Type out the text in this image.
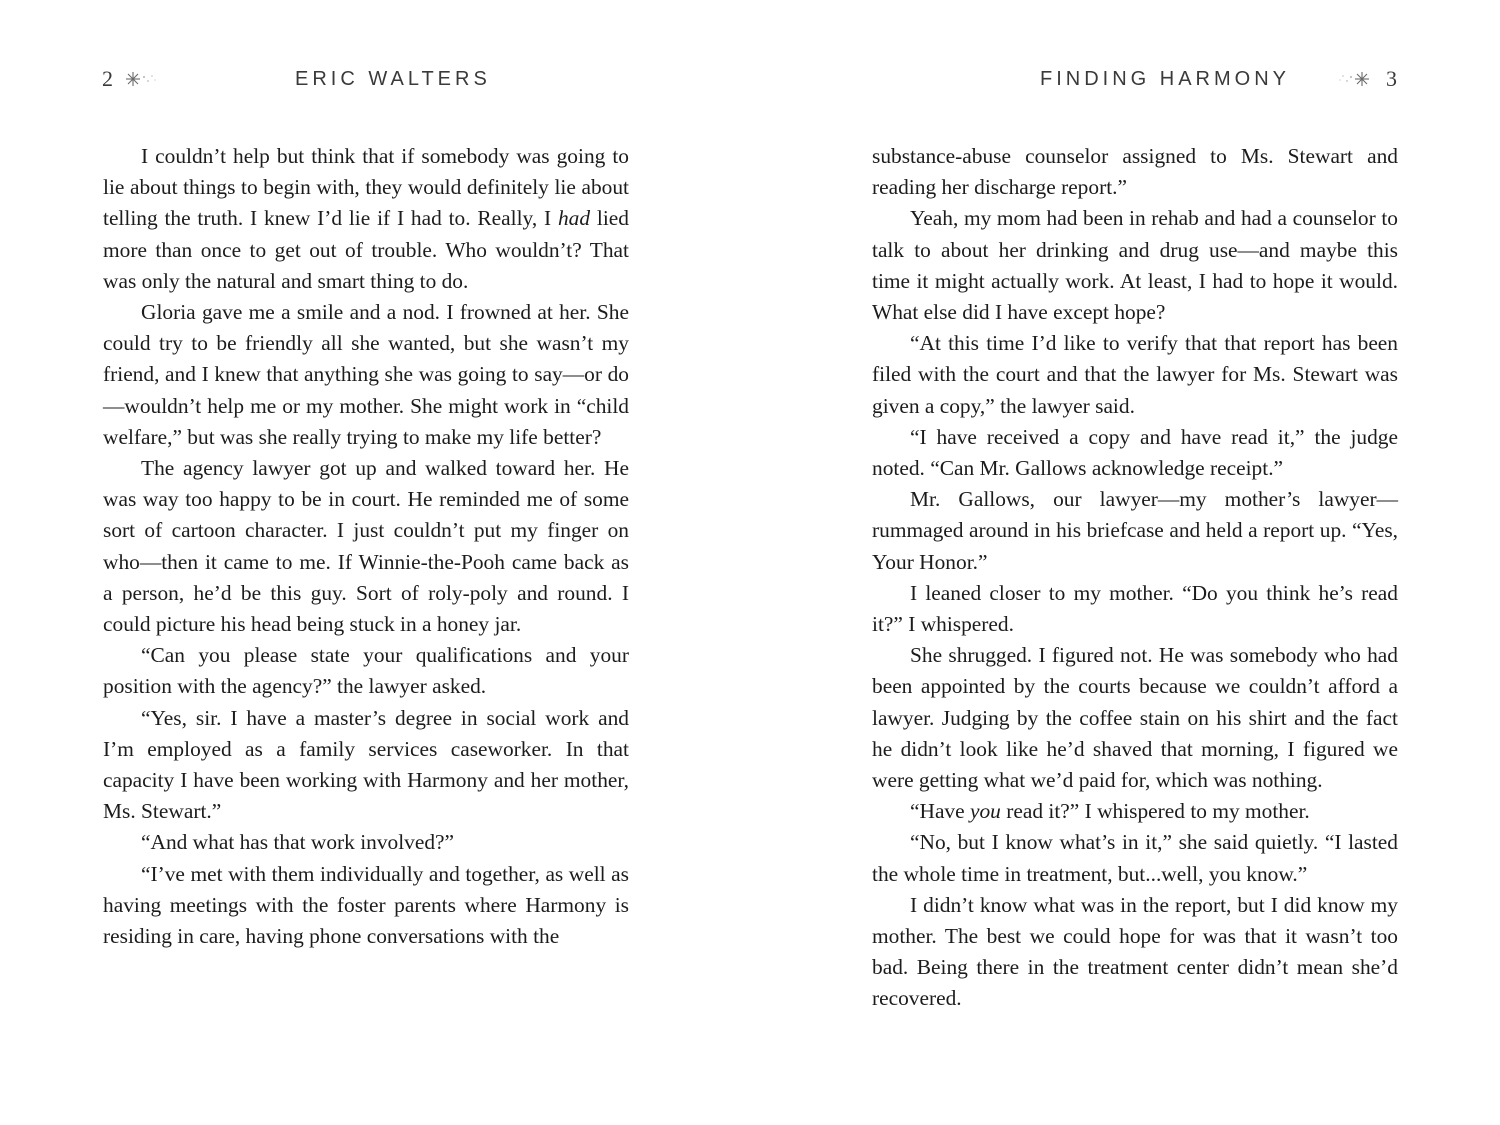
2	ERIC WALTERS

I couldn’t help but think that if somebody was going to lie about things to begin with, they would definitely lie about telling the truth. I knew I’d lie if I had to. Really, I had lied more than once to get out of trouble. Who wouldn’t? That was only the natural and smart thing to do.

Gloria gave me a smile and a nod. I frowned at her. She could try to be friendly all she wanted, but she wasn’t my friend, and I knew that anything she was going to say—or do—wouldn’t help me or my mother. She might work in “child welfare,” but was she really trying to make my life better?

The agency lawyer got up and walked toward her. He was way too happy to be in court. He reminded me of some sort of cartoon character. I just couldn’t put my finger on who—then it came to me. If Winnie-the-Pooh came back as a person, he’d be this guy. Sort of roly-poly and round. I could picture his head being stuck in a honey jar.

“Can you please state your qualifications and your position with the agency?” the lawyer asked.

“Yes, sir. I have a master’s degree in social work and I’m employed as a family services caseworker. In that capacity I have been working with Harmony and her mother, Ms. Stewart.”

“And what has that work involved?”

“I’ve met with them individually and together, as well as having meetings with the foster parents where Harmony is residing in care, having phone conversations with the

FINDING HARMONY	3

substance-abuse counselor assigned to Ms. Stewart and reading her discharge report.”

Yeah, my mom had been in rehab and had a counselor to talk to about her drinking and drug use—and maybe this time it might actually work. At least, I had to hope it would. What else did I have except hope?

“At this time I’d like to verify that that report has been filed with the court and that the lawyer for Ms. Stewart was given a copy,” the lawyer said.

“I have received a copy and have read it,” the judge noted. “Can Mr. Gallows acknowledge receipt.”

Mr. Gallows, our lawyer—my mother’s lawyer—rummaged around in his briefcase and held a report up. “Yes, Your Honor.”

I leaned closer to my mother. “Do you think he’s read it?” I whispered.

She shrugged. I figured not. He was somebody who had been appointed by the courts because we couldn’t afford a lawyer. Judging by the coffee stain on his shirt and the fact he didn’t look like he’d shaved that morning, I figured we were getting what we’d paid for, which was nothing.

“Have you read it?” I whispered to my mother.

“No, but I know what’s in it,” she said quietly. “I lasted the whole time in treatment, but...well, you know.”

I didn’t know what was in the report, but I did know my mother. The best we could hope for was that it wasn’t too bad. Being there in the treatment center didn’t mean she’d recovered.
